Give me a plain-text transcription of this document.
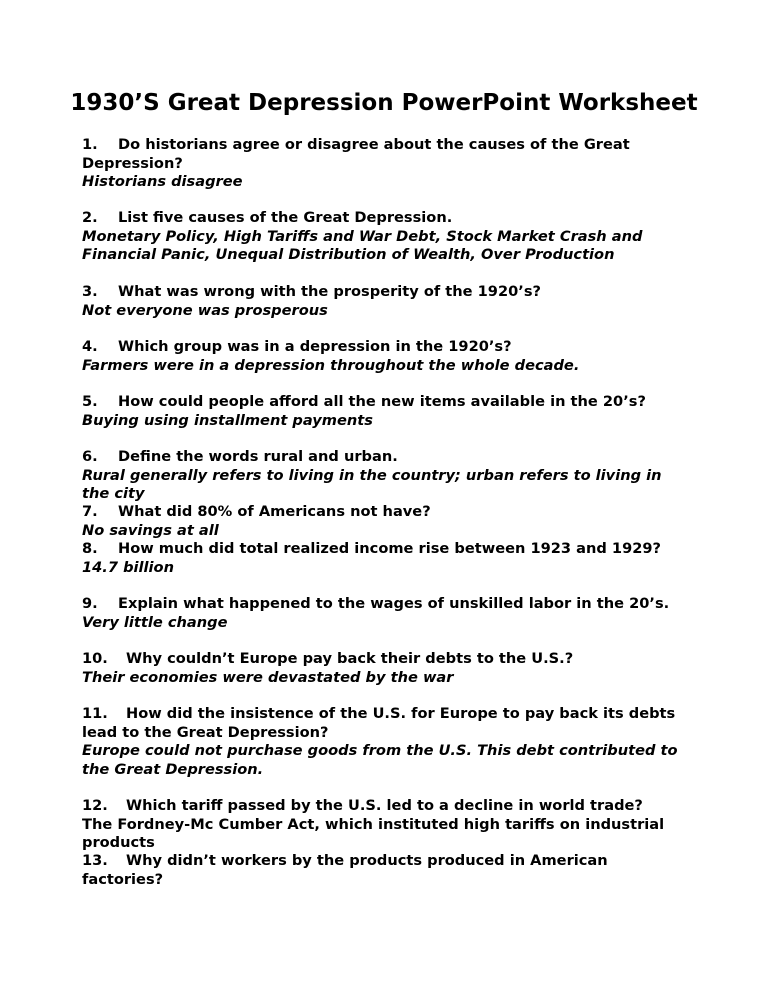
1930’S Great Depression PowerPoint Worksheet

1. Do historians agree or disagree about the causes of the Great Depression?

Historians disagree

2. List five causes of the Great Depression.

Monetary Policy, High Tariffs and War Debt, Stock Market Crash and Financial Panic, Unequal Distribution of Wealth, Over Production

3. What was wrong with the prosperity of the 1920’s?

Not everyone was prosperous

4. Which group was in a depression in the 1920’s?

Farmers were in a depression throughout the whole decade.

5. How could people afford all the new items available in the 20’s?

Buying using installment payments

6. Define the words rural and urban.

Rural generally refers to living in the country; urban refers to living in the city

7. What did 80% of Americans not have?

No savings at all

8. How much did total realized income rise between 1923 and 1929?

14.7 billion

9. Explain what happened to the wages of unskilled labor in the 20’s.

Very little change

10. Why couldn’t Europe pay back their debts to the U.S.?

Their economies were devastated by the war

11. How did the insistence of the U.S. for Europe to pay back its debts lead to the Great Depression?

Europe could not purchase goods from the U.S. This debt contributed to the Great Depression.

12. Which tariff passed by the U.S. led to a decline in world trade?

The Fordney-Mc Cumber Act, which instituted high tariffs on industrial products

13. Why didn’t workers by the products produced in American factories?
